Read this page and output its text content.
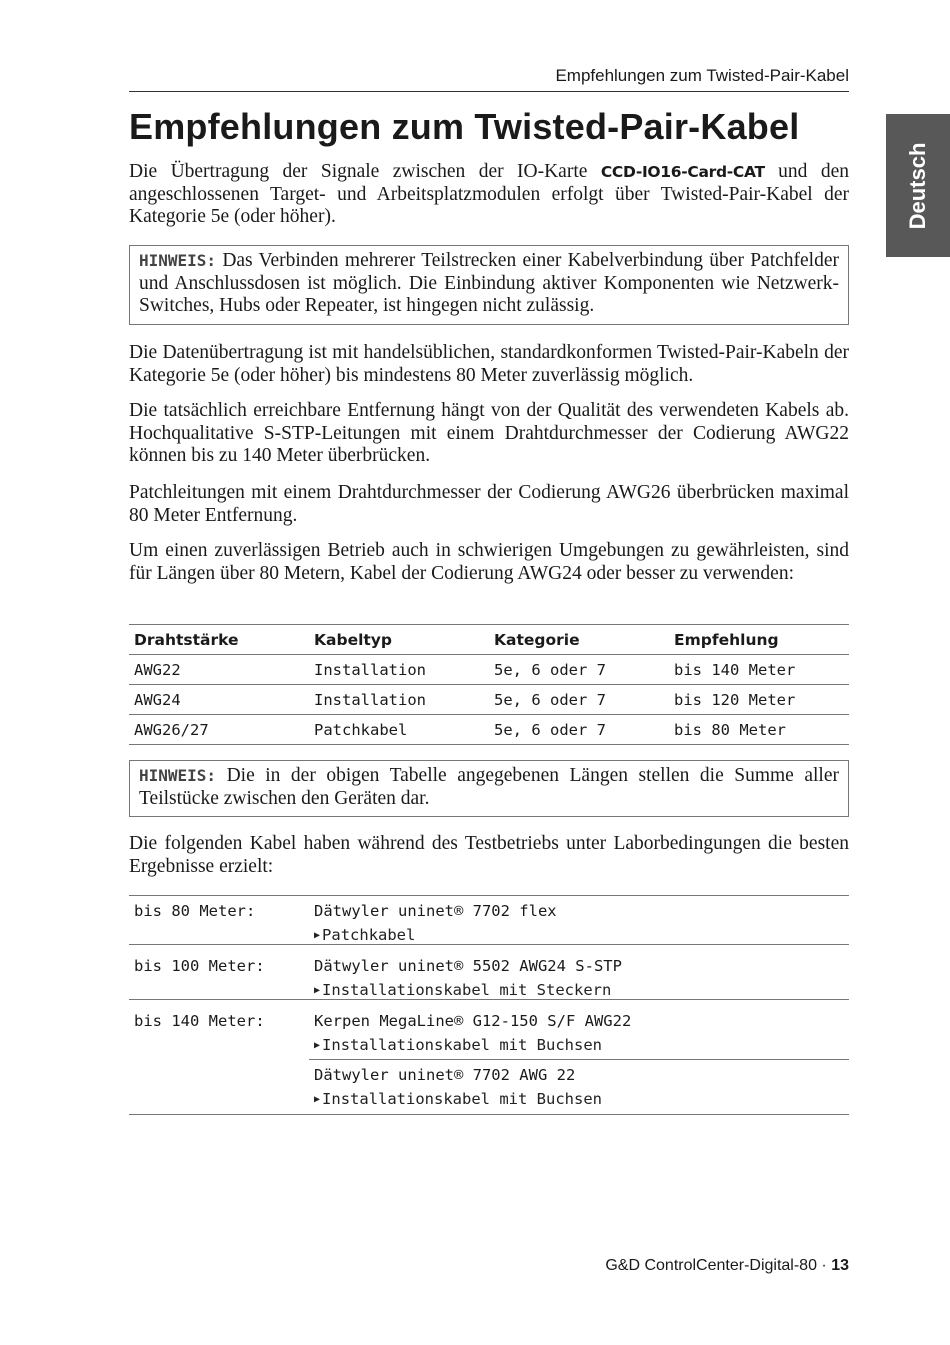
Empfehlungen zum Twisted-Pair-Kabel
Deutsch
Empfehlungen zum Twisted-Pair-Kabel

Die Übertragung der Signale zwischen der IO-Karte CCD-IO16-Card-CAT und den angeschlossenen Target- und Arbeitsplatzmodulen erfolgt über Twisted-Pair-Kabel der Kategorie 5e (oder höher).

HINWEIS: Das Verbinden mehrerer Teilstrecken einer Kabelverbindung über Patchfelder und Anschlussdosen ist möglich. Die Einbindung aktiver Komponenten wie Netzwerk-Switches, Hubs oder Repeater, ist hingegen nicht zulässig.

Die Datenübertragung ist mit handelsüblichen, standardkonformen Twisted-Pair-Kabeln der Kategorie 5e (oder höher) bis mindestens 80 Meter zuverlässig möglich.

Die tatsächlich erreichbare Entfernung hängt von der Qualität des verwendeten Kabels ab. Hochqualitative S-STP-Leitungen mit einem Drahtdurchmesser der Codierung AWG22 können bis zu 140 Meter überbrücken.

Patchleitungen mit einem Drahtdurchmesser der Codierung AWG26 überbrücken maximal 80 Meter Entfernung.

Um einen zuverlässigen Betrieb auch in schwierigen Umgebungen zu gewährleisten, sind für Längen über 80 Metern, Kabel der Codierung AWG24 oder besser zu verwenden:

Drahtstärke	Kabeltyp	Kategorie	Empfehlung
AWG22	Installation	5e, 6 oder 7	bis 140 Meter
AWG24	Installation	5e, 6 oder 7	bis 120 Meter
AWG26/27	Patchkabel	5e, 6 oder 7	bis 80 Meter
HINWEIS: Die in der obigen Tabelle angegebenen Längen stellen die Summe aller Teilstücke zwischen den Geräten dar.

Die folgenden Kabel haben während des Testbetriebs unter Laborbedingungen die besten Ergebnisse erzielt:

bis 80 Meter:	Dätwyler uninet® 7702 flex
▶ Patchkabel
bis 100 Meter:	Dätwyler uninet® 5502 AWG24 S-STP
▶ Installationskabel mit Steckern
bis 140 Meter:	Kerpen MegaLine® G12-150 S/F AWG22
▶ Installationskabel mit Buchsen
Dätwyler uninet® 7702 AWG 22
▶ Installationskabel mit Buchsen
G&D ControlCenter-Digital-80 · 13
